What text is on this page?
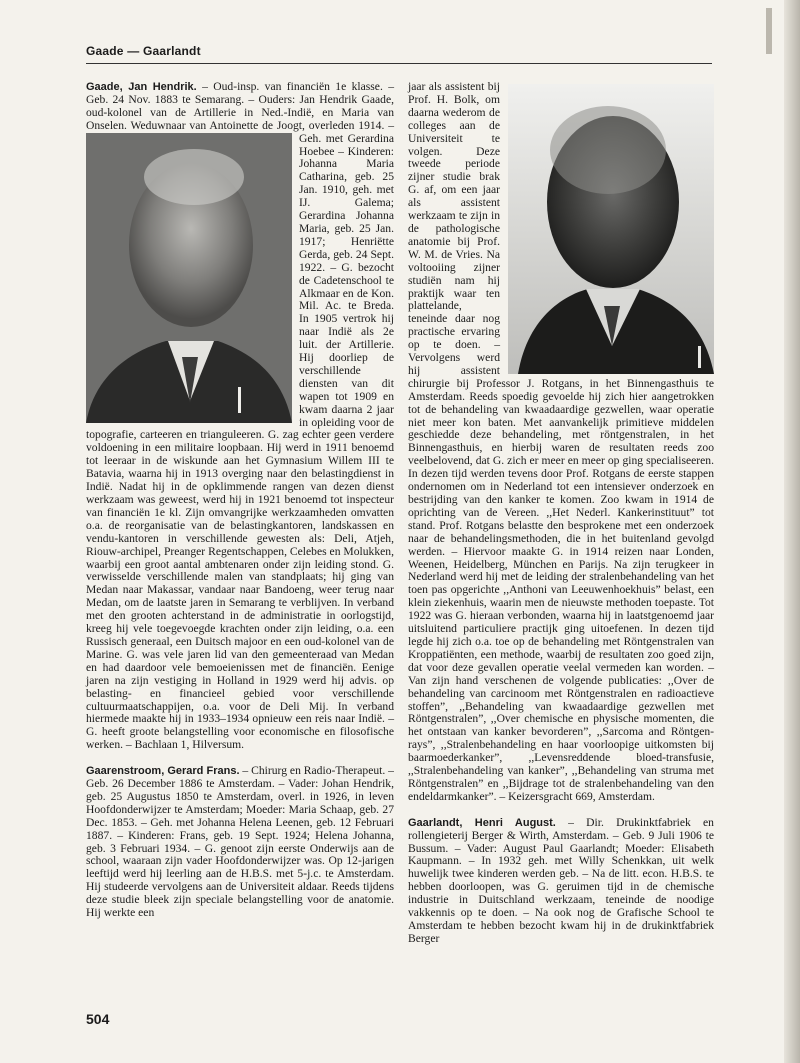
Gaade — Gaarlandt

Gaade, Jan Hendrik. – Oud-insp. van financiën 1e klasse. – Geb. 24 Nov. 1883 te Semarang. – Ouders: Jan Hendrik Gaade, oud-kolonel van de Artillerie in Ned.-Indië, en Maria van Onselen. Weduwnaar van Antoinette de Joogt,
overleden 1914. – Geh. met Gerardina Hoebee – Kinderen: Johanna Maria Catharina, geb. 25 Jan. 1910, geh. met IJ. Galema; Gerardina Johanna Maria, geb. 25 Jan. 1917; Henriëtte Gerda, geb. 24 Sept. 1922. – G. bezocht de Cadetenschool te Alkmaar en de Kon. Mil. Ac. te Breda. In 1905 vertrok hij naar Indië als 2e luit. der Artillerie. Hij doorliep de verschillende diensten van dit wapen tot 1909 en kwam daarna 2 jaar in opleiding voor de topografie, carteeren en trianguleeren. G. zag echter geen verdere voldoening in een militaire loopbaan. Hij werd in 1911 benoemd tot leeraar in de wiskunde aan het Gymnasium Willem III te Batavia, waarna hij in 1913 overging naar den belastingdienst in Indië. Nadat hij in de opklimmende rangen van dezen dienst werkzaam was geweest, werd hij in 1921 benoemd tot inspecteur van financiën 1e kl. Zijn omvangrijke werkzaamheden omvatten o.a. de reorganisatie van de belastingkantoren, landskassen en vendu-kantoren in verschillende gewesten als: Deli, Atjeh, Riouw-archipel, Preanger Regentschappen, Celebes en Molukken, waarbij een groot aantal ambtenaren onder zijn leiding stond. G. verwisselde verschillende malen van standplaats; hij ging van Medan naar Makassar, vandaar naar Bandoeng, weer terug naar Medan, om de laatste jaren in Semarang te verblijven. In verband met den grooten achterstand in de administratie in oorlogstijd, kreeg hij vele toegevoegde krachten onder zijn leiding, o.a. een Russisch generaal, een Duitsch majoor en een oud-kolonel van de Marine. G. was vele jaren lid van den gemeenteraad van Medan en had daardoor vele bemoeienissen met de financiën. Eenige jaren na zijn vestiging in Holland in 1929 werd hij advis. op belasting- en financieel gebied voor verschillende cultuurmaatschappijen, o.a. voor de Deli Mij. In verband hiermede maakte hij in 1933–1934 opnieuw een reis naar Indië. – G. heeft groote belangstelling voor economische en filosofische werken. – Bachlaan 1, Hilversum.

Gaarenstroom, Gerard Frans. – Chirurg en Radio-Therapeut. – Geb. 26 December 1886 te Amsterdam. – Vader: Johan Hendrik, geb. 25 Augustus 1850 te Amsterdam, overl. in 1926, in leven Hoofdonderwijzer te Amsterdam; Moeder: Maria Schaap, geb. 27 Dec. 1853. – Geh. met Johanna Helena Leenen, geb. 12 Februari 1887. – Kinderen: Frans, geb. 19 Sept. 1924; Helena Johanna, geb. 3 Februari 1934. – G. genoot zijn eerste Onderwijs aan de school, waaraan zijn vader Hoofdonderwijzer was. Op 12-jarigen leeftijd werd hij leerling aan de H.B.S. met 5-j.c. te Amsterdam. Hij studeerde vervolgens aan de Universiteit aldaar. Reeds tijdens deze studie bleek zijn speciale belangstelling voor de anatomie. Hij werkte een

jaar als assistent bij Prof. H. Bolk, om daarna wederom de colleges aan de Universiteit te volgen. Deze tweede periode zijner studie brak G. af, om een jaar als assistent werkzaam te zijn in de pathologische anatomie bij Prof. W. M. de Vries. Na voltooiing zijner studiën nam hij praktijk waar ten plattelande, teneinde daar nog practische ervaring op te doen. – Vervolgens werd hij assistent chirurgie bij Professor J. Rotgans, in het Binnengasthuis te Amsterdam. Reeds spoedig gevoelde hij zich hier aangetrokken tot de behandeling van kwaadaardige gezwellen, waar operatie niet meer kon baten. Met aanvankelijk primitieve middelen geschiedde deze behandeling, met röntgenstralen, in het Binnengasthuis, en hierbij waren de resultaten reeds zoo veelbelovend, dat G. zich er meer en meer op ging specialiseeren. In dezen tijd werden tevens door Prof. Rotgans de eerste stappen ondernomen om in Nederland tot een intensiever onderzoek en bestrijding van den kanker te komen. Zoo kwam in 1914 de oprichting van de Vereen. ,,Het Nederl. Kankerinstituut” tot stand. Prof. Rotgans belastte den besprokene met een onderzoek naar de behandelingsmethoden, die in het buitenland gevolgd werden. – Hiervoor maakte G. in 1914 reizen naar Londen, Weenen, Heidelberg, München en Parijs. Na zijn terugkeer in Nederland werd hij met de leiding der stralenbehandeling van het toen pas opgerichte ,,Anthoni van Leeuwenhoekhuis” belast, een klein ziekenhuis, waarin men de nieuwste methoden toepaste. Tot 1922 was G. hieraan verbonden, waarna hij in laatstgenoemd jaar uitsluitend particuliere practijk ging uitoefenen. In dezen tijd legde hij zich o.a. toe op de behandeling met Röntgenstralen van Kroppatiënten, een methode, waarbij de resultaten zoo goed zijn, dat voor deze gevallen operatie veelal vermeden kan worden. – Van zijn hand verschenen de volgende publicaties: ,,Over de behandeling van carcinoom met Röntgenstralen en radioactieve stoffen”, ,,Behandeling van kwaadaardige gezwellen met Röntgenstralen”, ,,Over chemische en physische momenten, die het ontstaan van kanker bevorderen”, ,,Sarcoma and Röntgen-rays”, ,,Stralenbehandeling en haar voorloopige uitkomsten bij baarmoederkanker”, ,,Levensreddende bloed-transfusie, ,,Stralenbehandeling van kanker”, ,,Behandeling van struma met Röntgenstralen” en ,,Bijdrage tot de stralenbehandeling van den endeldarmkanker”. – Keizersgracht 669, Amsterdam.

Gaarlandt, Henri August. – Dir. Drukinktfabriek en rollengieterij Berger & Wirth, Amsterdam. – Geb. 9 Juli 1906 te Bussum. – Vader: August Paul Gaarlandt; Moeder: Elisabeth Kaupmann. – In 1932 geh. met Willy Schenkkan, uit welk huwelijk twee kinderen werden geb. – Na de litt. econ. H.B.S. te hebben doorloopen, was G. geruimen tijd in de chemische industrie in Duitschland werkzaam, teneinde de noodige vakkennis op te doen. – Na ook nog de Grafische School te Amsterdam te hebben bezocht kwam hij in de drukinktfabriek Berger

504
